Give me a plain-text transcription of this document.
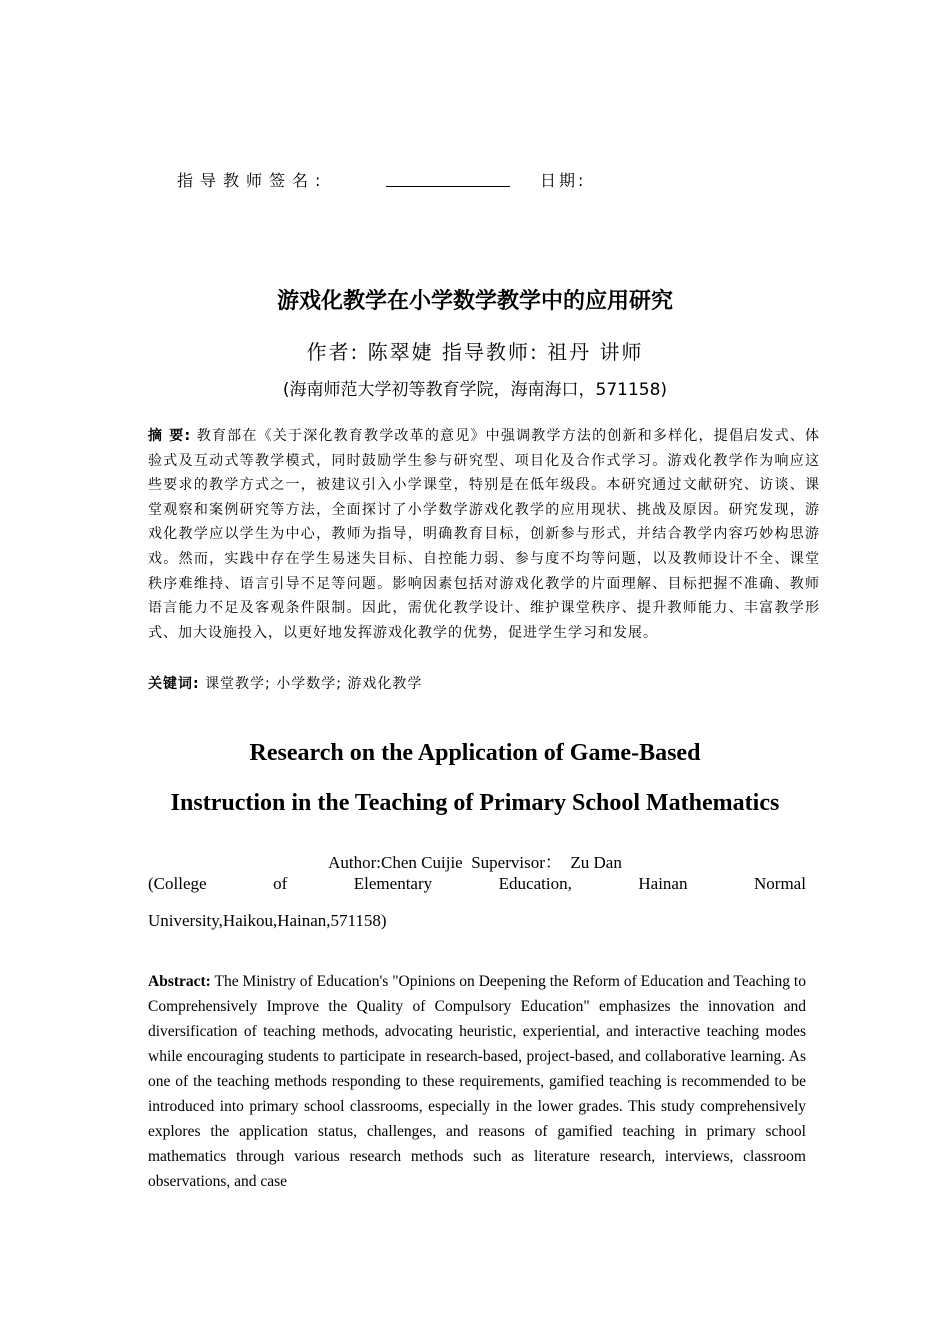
指导教师签名:	日期:
游戏化教学在小学数学教学中的应用研究
作者: 陈翠婕 指导教师: 祖丹 讲师
(海南师范大学初等教育学院，海南海口，571158)
摘 要: 教育部在《关于深化教育教学改革的意见》中强调教学方法的创新和多样化，提倡启发式、体验式及互动式等教学模式，同时鼓励学生参与研究型、项目化及合作式学习。游戏化教学作为响应这些要求的教学方式之一，被建议引入小学课堂，特别是在低年级段。本研究通过文献研究、访谈、课堂观察和案例研究等方法，全面探讨了小学数学游戏化教学的应用现状、挑战及原因。研究发现，游戏化教学应以学生为中心，教师为指导，明确教育目标，创新参与形式，并结合教学内容巧妙构思游戏。然而，实践中存在学生易迷失目标、自控能力弱、参与度不均等问题，以及教师设计不全、课堂秩序难维持、语言引导不足等问题。影响因素包括对游戏化教学的片面理解、目标把握不准确、教师语言能力不足及客观条件限制。因此，需优化教学设计、维护课堂秩序、提升教师能力、丰富教学形式、加大设施投入，以更好地发挥游戏化教学的优势，促进学生学习和发展。
关键词: 课堂教学; 小学数学; 游戏化教学
Research on the Application of Game-Based
Instruction in the Teaching of Primary School Mathematics
Author:Chen Cuijie  Supervisor：  Zu Dan
(College	of	Elementary	Education,	Hainan	Normal
University,Haikou,Hainan,571158)
Abstract: The Ministry of Education's "Opinions on Deepening the Reform of Education and Teaching to Comprehensively Improve the Quality of Compulsory Education" emphasizes the innovation and diversification of teaching methods, advocating heuristic, experiential, and interactive teaching modes while encouraging students to participate in research-based, project-based, and collaborative learning. As one of the teaching methods responding to these requirements, gamified teaching is recommended to be introduced into primary school classrooms, especially in the lower grades. This study comprehensively explores the application status, challenges, and reasons of gamified teaching in primary school mathematics through various research methods such as literature research, interviews, classroom observations, and case
